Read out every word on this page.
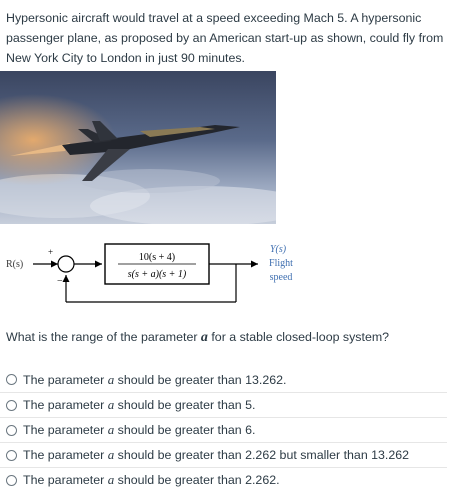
Hypersonic aircraft would travel at a speed exceeding Mach 5. A hypersonic passenger plane, as proposed by an American start-up as shown, could fly from New York City to London in just 90 minutes.
R(s)
+
−
10(s + 4)
s(s + a)(s + 1)
Y(s)
Flight
speed
What is the range of the parameter a for a stable closed-loop system?
The parameter a should be greater than 13.262.
The parameter a should be greater than 5.
The parameter a should be greater than 6.
The parameter a should be greater than 2.262 but smaller than 13.262
The parameter a should be greater than 2.262.
